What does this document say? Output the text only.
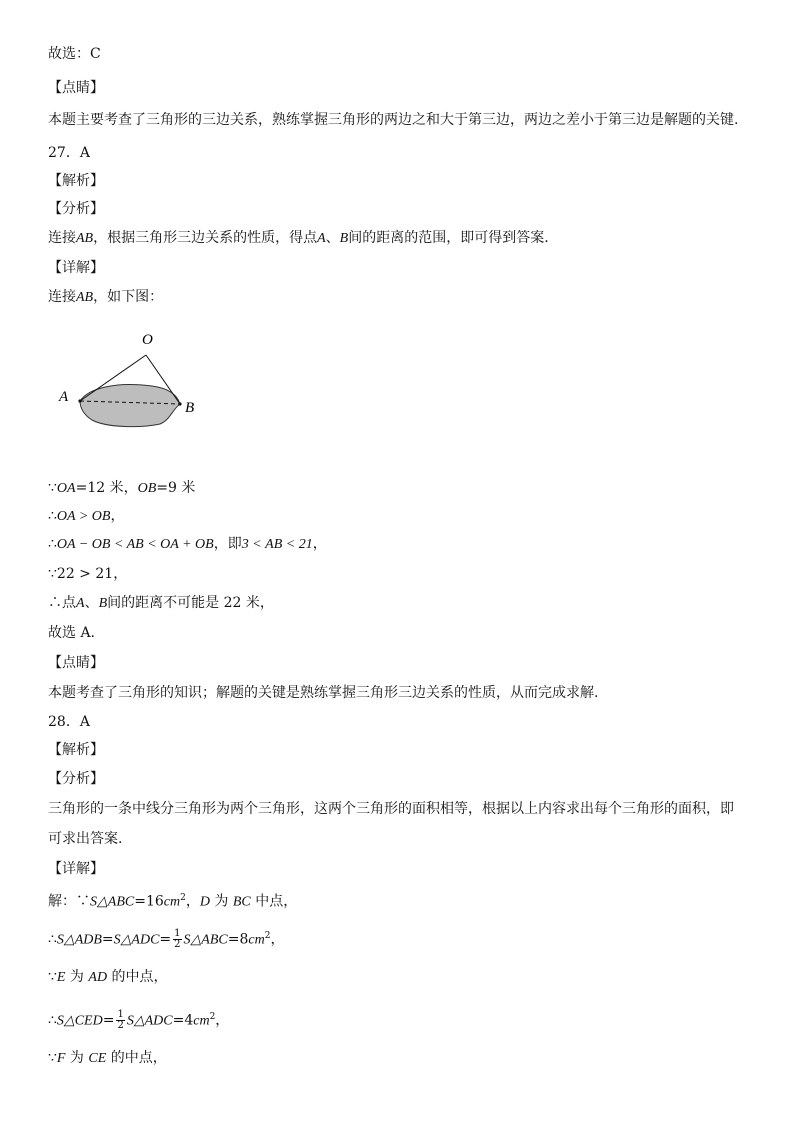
故选：C
【点睛】
本题主要考查了三角形的三边关系，熟练掌握三角形的两边之和大于第三边，两边之差小于第三边是解题的关键.
27．A
【解析】
【分析】
连接AB，根据三角形三边关系的性质，得点A、B间的距离的范围，即可得到答案.
【详解】
连接AB，如下图：
O
A
B
∵OA=12 米，OB=9 米
∴OA > OB，
∴OA − OB < AB < OA + OB，即3 < AB < 21，
∵22 > 21，
∴点A、B间的距离不可能是 22 米，
故选 A.
【点睛】
本题考查了三角形的知识；解题的关键是熟练掌握三角形三边关系的性质，从而完成求解.
28．A
【解析】
【分析】
三角形的一条中线分三角形为两个三角形，这两个三角形的面积相等，根据以上内容求出每个三角形的面积，即
可求出答案.
【详解】
解：$\because S\triangle ABC=16cm^2$，D 为 BC 中点，
∴S△ADB=S△ADC= $\frac{1}{2}$ $S\triangle ABC=8cm^2$，
∵E 为 AD 的中点，
∴S△CED= $\frac{1}{2}$ $S\triangle ADC=4cm^2$，
∵F 为 CE 的中点，
